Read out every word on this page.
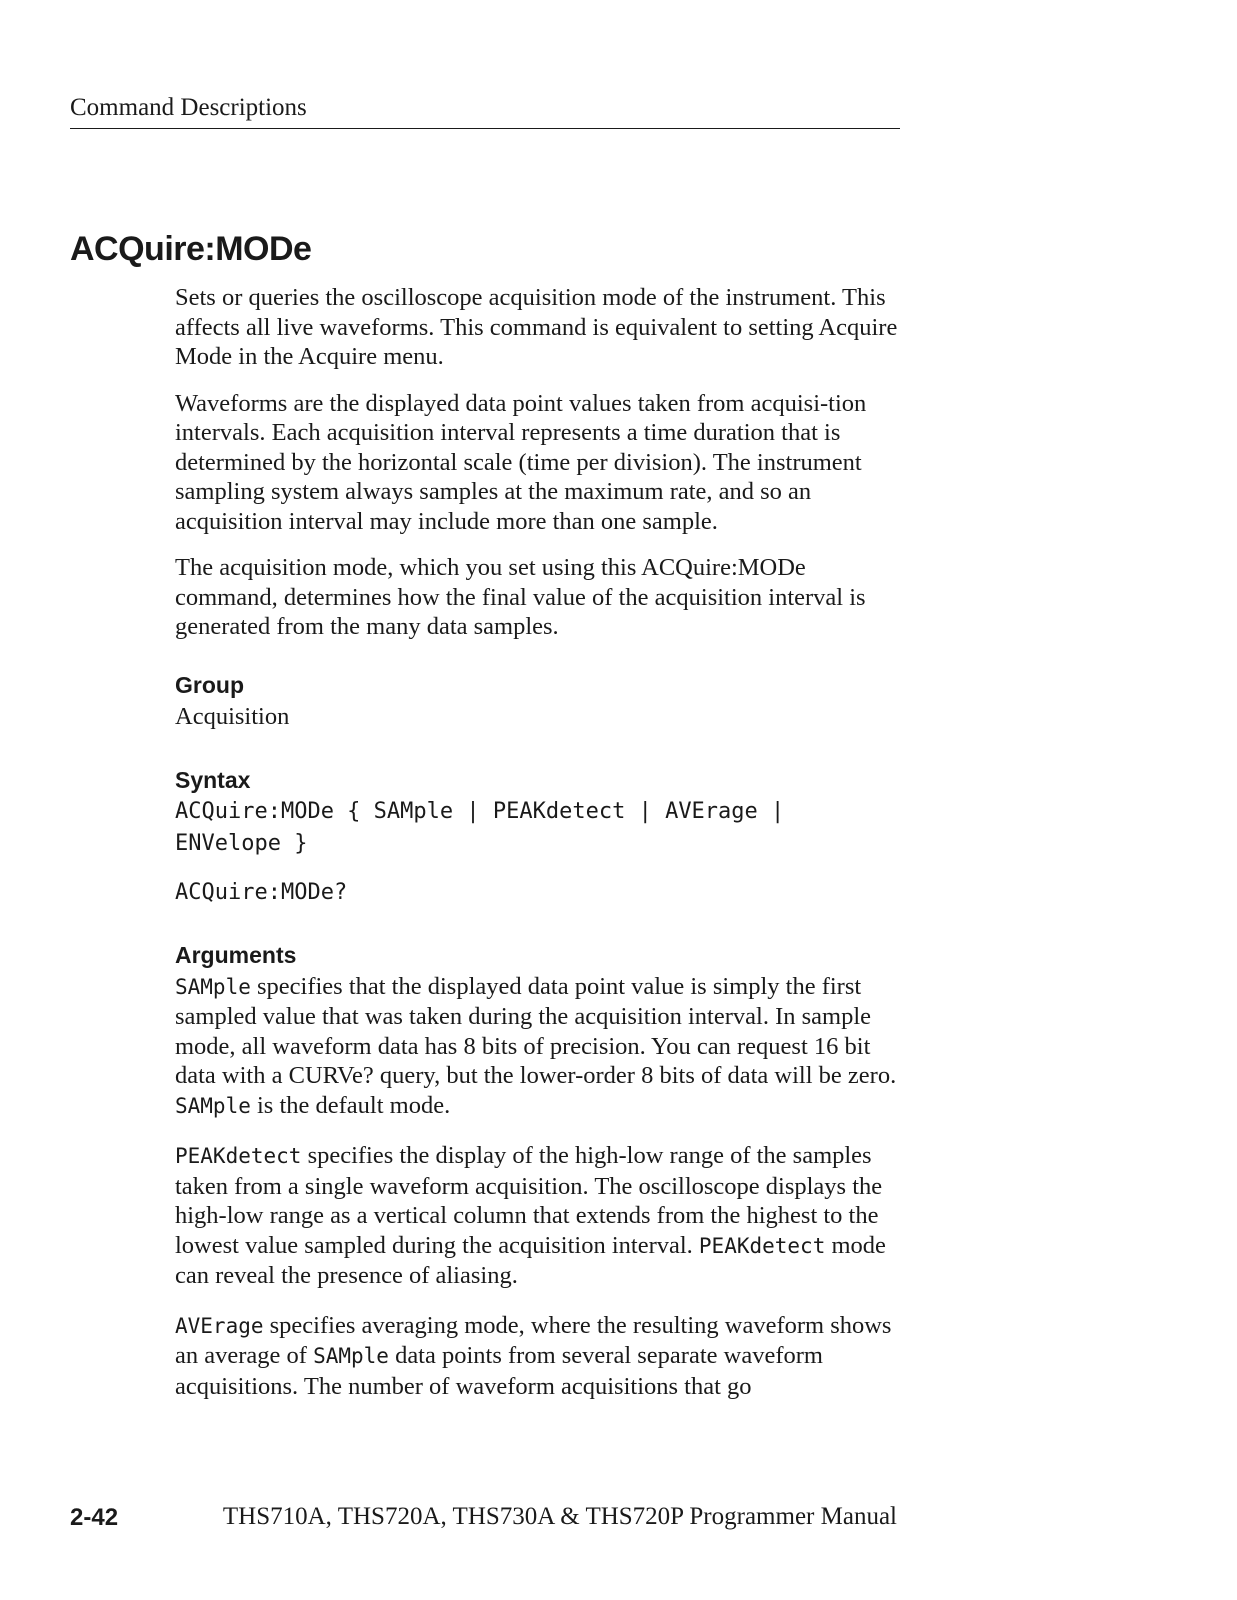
Command Descriptions
ACQuire:MODe

Sets or queries the oscilloscope acquisition mode of the instrument. This affects all live waveforms. This command is equivalent to setting Acquire Mode in the Acquire menu.

Waveforms are the displayed data point values taken from acquisi-tion intervals. Each acquisition interval represents a time duration that is determined by the horizontal scale (time per division). The instrument sampling system always samples at the maximum rate, and so an acquisition interval may include more than one sample.

The acquisition mode, which you set using this ACQuire:MODe command, determines how the final value of the acquisition interval is generated from the many data samples.

Group

Acquisition

Syntax
ACQuire:MODe { SAMple | PEAKdetect | AVErage |
ENVelope }
ACQuire:MODe?
Arguments

SAMple specifies that the displayed data point value is simply the first sampled value that was taken during the acquisition interval. In sample mode, all waveform data has 8 bits of precision. You can request 16 bit data with a CURVe? query, but the lower-order 8 bits of data will be zero. SAMple is the default mode.

PEAKdetect specifies the display of the high-low range of the samples taken from a single waveform acquisition. The oscilloscope displays the high-low range as a vertical column that extends from the highest to the lowest value sampled during the acquisition interval. PEAKdetect mode can reveal the presence of aliasing.

AVErage specifies averaging mode, where the resulting waveform shows an average of SAMple data points from several separate waveform acquisitions. The number of waveform acquisitions that go

2-42	THS710A, THS720A, THS730A & THS720P Programmer Manual
